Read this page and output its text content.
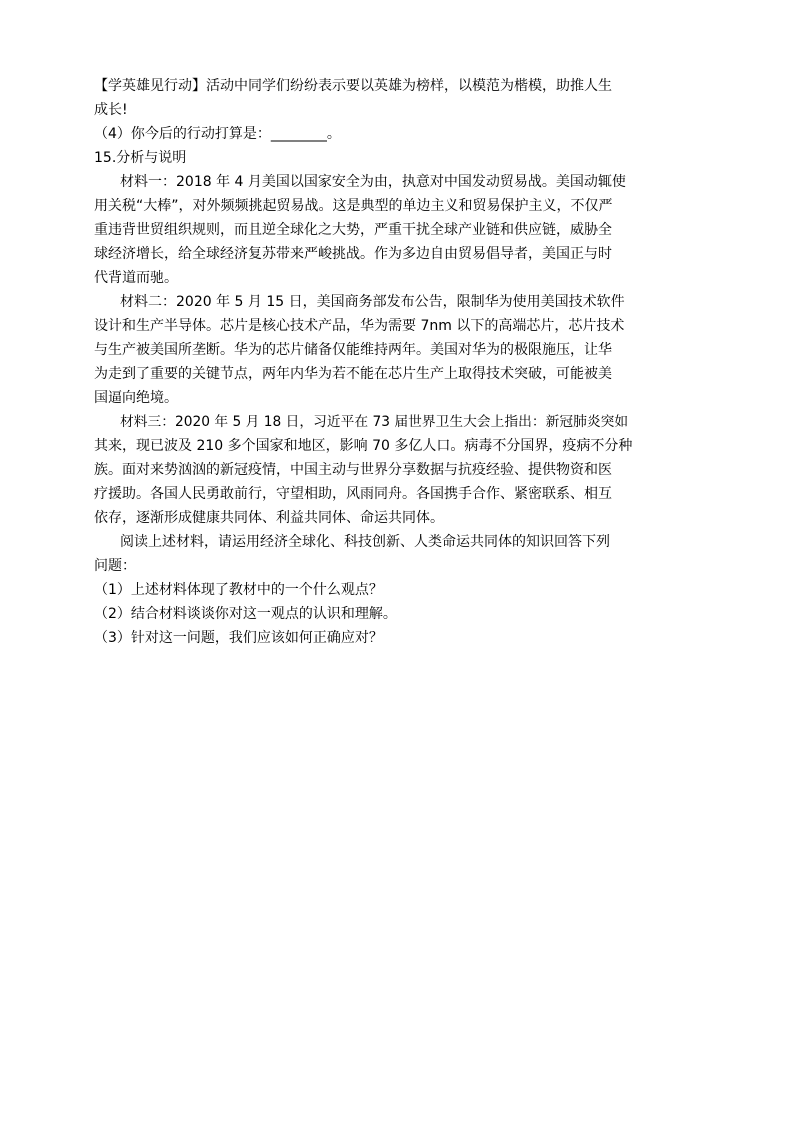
【学英雄见行动】活动中同学们纷纷表示要以英雄为榜样，以模范为楷模，助推人生
成长!
（4）你今后的行动打算是：________。
15.分析与说明
材料一：2018 年 4 月美国以国家安全为由，执意对中国发动贸易战。美国动辄使
用关税“大棒”，对外频频挑起贸易战。这是典型的单边主义和贸易保护主义，不仅严
重违背世贸组织规则，而且逆全球化之大势，严重干扰全球产业链和供应链，威胁全
球经济增长，给全球经济复苏带来严峻挑战。作为多边自由贸易倡导者，美国正与时
代背道而驰。
材料二：2020 年 5 月 15 日，美国商务部发布公告，限制华为使用美国技术软件
设计和生产半导体。芯片是核心技术产品，华为需要 7nm 以下的高端芯片，芯片技术
与生产被美国所垄断。华为的芯片储备仅能维持两年。美国对华为的极限施压，让华
为走到了重要的关键节点，两年内华为若不能在芯片生产上取得技术突破，可能被美
国逼向绝境。
材料三：2020 年 5 月 18 日，习近平在 73 届世界卫生大会上指出：新冠肺炎突如
其来，现已波及 210 多个国家和地区，影响 70 多亿人口。病毒不分国界，疫病不分种
族。面对来势汹汹的新冠疫情，中国主动与世界分享数据与抗疫经验、提供物资和医
疗援助。各国人民勇敢前行，守望相助，风雨同舟。各国携手合作、紧密联系、相互
依存，逐渐形成健康共同体、利益共同体、命运共同体。
阅读上述材料，请运用经济全球化、科技创新、人类命运共同体的知识回答下列
问题：
（1）上述材料体现了教材中的一个什么观点？
（2）结合材料谈谈你对这一观点的认识和理解。
（3）针对这一问题，我们应该如何正确应对？
